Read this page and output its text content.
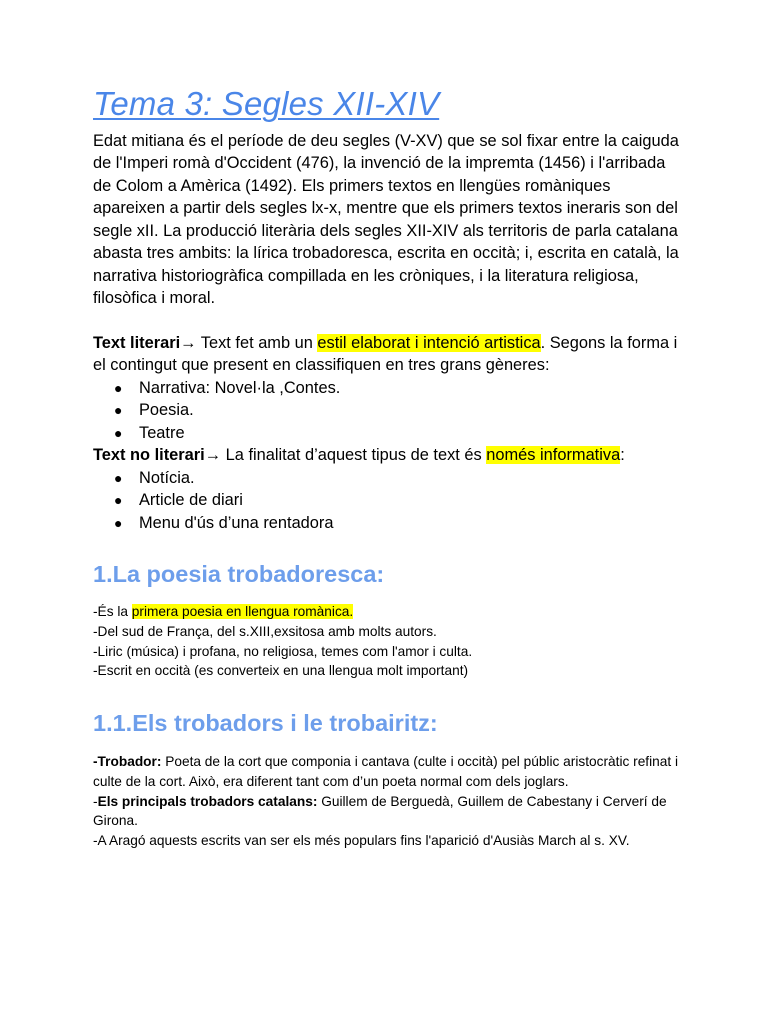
Tema 3: Segles XII-XIV

Edat mitiana és el període de deu segles (V-XV) que se sol fixar entre la caiguda de l'Imperi romà d'Occident (476), la invenció de la impremta (1456) i l'arribada de Colom a Amèrica (1492). Els primers textos en llengües romàniques apareixen a partir dels segles lx-x, mentre que els primers textos inerаris son del segle xII. La producció literària dels segles XII-XIV als territoris de parla catalana abasta tres ambits: la lírica trobadoresca, escrita en occità; i, escrita en català, la narrativa historiogràfica compillada en les cròniques, i la literatura religiosa, filosòfica i moral.

Text literari→ Text fet amb un estil elaborat i intenció artistica. Segons la forma i el contingut que present en classifiquen en tres grans gèneres:

● Narrativa: Novel·la ,Contes.
● Poesia.
● Teatre

Text no literari→ La finalitat d’aquest tipus de text és només informativa:

● Notícia.
● Article de diari
● Menu d'ús d’una rentadora
1.La poesia trobadoresca:

-És la primera poesia en llengua romànica.

-Del sud de França, del s.XIII,exsitosa amb molts autors.

-Liric (música) i profana, no religiosa, temes com l'amor i culta.

-Escrit en occità (es converteix en una llengua molt important)

1.1.Els trobadors i le trobairitz:

-Trobador: Poeta de la cort que componia i cantava (culte i occità) pel públic aristocràtic refinat i culte de la cort. Això, era diferent tant com d’un poeta normal com dels joglars.

-Els principals trobadors catalans: Guillem de Berguedà, Guillem de Cabestany i Cerverí de Girona.

-A Aragó aquests escrits van ser els més populars fins l'aparició d'Ausiàs March al s. XV.
